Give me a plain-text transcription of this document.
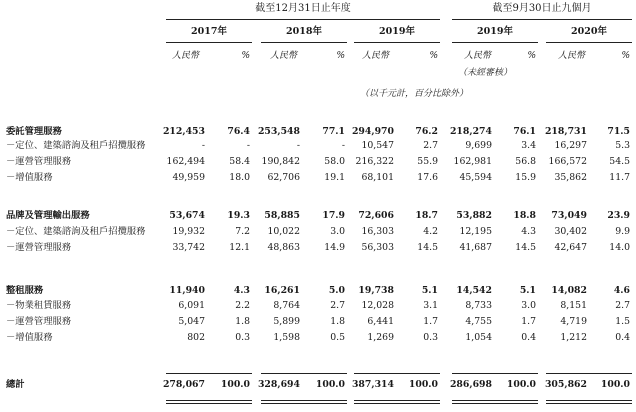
截至12月31日止年度	截至9月30日止九個月
2017年	2018年	2019年	2019年	2020年
人民幣	% 人民幣	% 人民幣	%	人民幣	% 人民幣	%
（未經審核）
（以千元計，百分比除外）
委託管理服務	212,453	76.4 253,548	77.1 294,970	76.2	218,274	76.1 218,731	71.5
－定位、建築諮詢及租戶招攬服務	-	-	-	-	10,547	2.7	9,699	3.4	16,297	5.3
－運營管理服務	162,494	58.4	190,842	58.0	216,322	55.9	162,981	56.8	166,572	54.5
－增值服務	49,959	18.0	62,706	19.1	68,101	17.6	45,594	15.9	35,862	11.7
品牌及管理輸出服務	53,674	19.3	58,885	17.9	72,606	18.7	53,882	18.8	73,049	23.9
－定位、建築諮詢及租戶招攬服務	19,932	7.2	10,022	3.0	16,303	4.2	12,195	4.3	30,402	9.9
－運營管理服務	33,742	12.1	48,863	14.9	56,303	14.5	41,687	14.5	42,647	14.0
整租服務	11,940	4.3	16,261	5.0	19,738	5.1	14,542	5.1	14,082	4.6
－物業租賃服務	6,091	2.2	8,764	2.7	12,028	3.1	8,733	3.0	8,151	2.7
－運營管理服務	5,047	1.8	5,899	1.8	6,441	1.7	4,755	1.7	4,719	1.5
－增值服務	802	0.3	1,598	0.5	1,269	0.3	1,054	0.4	1,212	0.4
總計	278,067	100.0 328,694	100.0 387,314	100.0	286,698	100.0 305,862	100.0
